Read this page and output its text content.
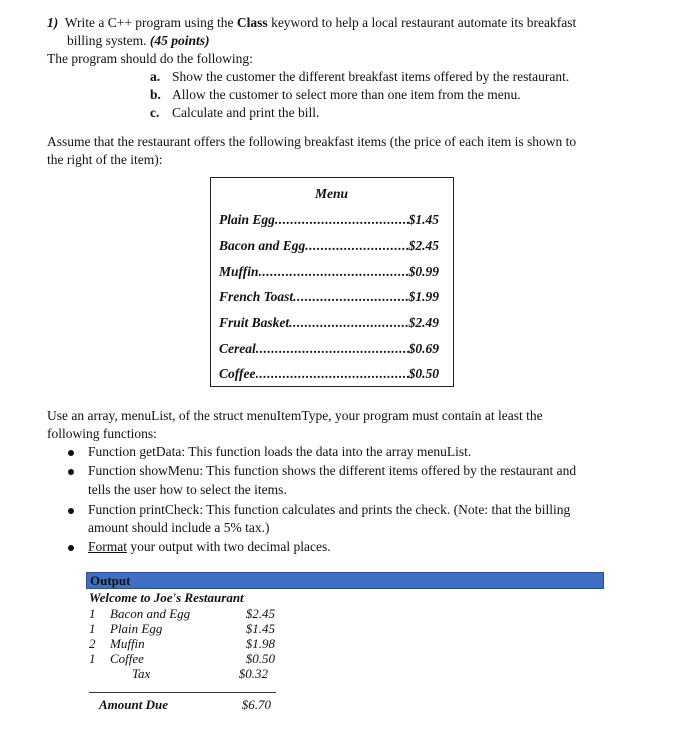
1) Write a C++ program using the Class keyword to help a local restaurant automate its breakfast
billing system. (45 points)
The program should do the following:
a. Show the customer the different breakfast items offered by the restaurant.
b. Allow the customer to select more than one item from the menu.
c. Calculate and print the bill.
Assume that the restaurant offers the following breakfast items (the price of each item is shown to
the right of the item):
Menu
Plain Egg .....	$1.45
Bacon and Egg .....	$2.45
Muffin .....	$0.99
French Toast .....	$1.99
Fruit Basket .....	$2.49
Cereal .....	$0.69
Coffee .....	$0.50
Use an array, menuList, of the struct menuItemType, your program must contain at least the
following functions:
Function getData: This function loads the data into the array menuList.
Function showMenu: This function shows the different items offered by the restaurant and
tells the user how to select the items.
Function printCheck: This function calculates and prints the check. (Note: that the billing
amount should include a 5% tax.)
Format your output with two decimal places.
Output
Welcome to Joe's Restaurant
1 Bacon and Egg	$2.45
1 Plain Egg	$1.45
2 Muffin	$1.98
1 Coffee	$0.50
Tax	$0.32
Amount Due	$6.70
